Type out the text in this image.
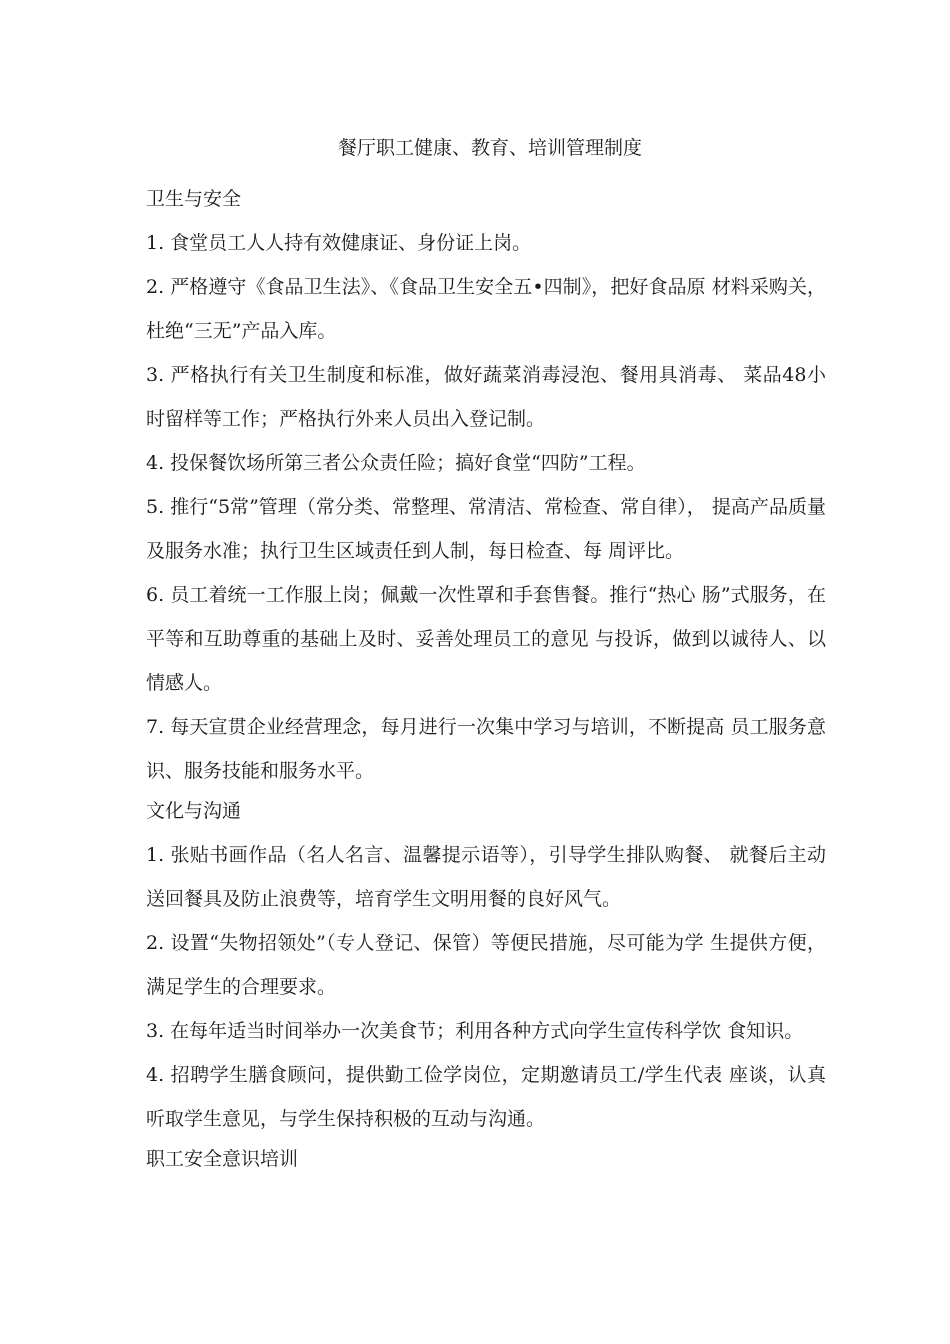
餐厅职工健康、教育、培训管理制度
卫生与安全

1. 食堂员工人人持有效健康证、身份证上岗。

2. 严格遵守《食品卫生法》、《食品卫生安全五•四制》，把好食品原 材料采购关，杜绝“三无”产品入库。

3. 严格执行有关卫生制度和标准，做好蔬菜消毒浸泡、餐用具消毒、 菜品48小时留样等工作；严格执行外来人员出入登记制。

4. 投保餐饮场所第三者公众责任险；搞好食堂“四防”工程。

5. 推行“5常”管理（常分类、常整理、常清洁、常检查、常自律）， 提高产品质量及服务水准；执行卫生区域责任到人制，每日检查、每 周评比。

6. 员工着统一工作服上岗；佩戴一次性罩和手套售餐。推行“热心 肠”式服务，在平等和互助尊重的基础上及时、妥善处理员工的意见 与投诉，做到以诚待人、以情感人。

7. 每天宣贯企业经营理念，每月进行一次集中学习与培训，不断提高 员工服务意识、服务技能和服务水平。

文化与沟通

1. 张贴书画作品（名人名言、温馨提示语等），引导学生排队购餐、 就餐后主动送回餐具及防止浪费等，培育学生文明用餐的良好风气。

2. 设置“失物招领处”（专人登记、保管）等便民措施，尽可能为学 生提供方便，满足学生的合理要求。

3. 在每年适当时间举办一次美食节；利用各种方式向学生宣传科学饮 食知识。

4. 招聘学生膳食顾问，提供勤工俭学岗位，定期邀请员工/学生代表 座谈，认真听取学生意见，与学生保持积极的互动与沟通。

职工安全意识培训
